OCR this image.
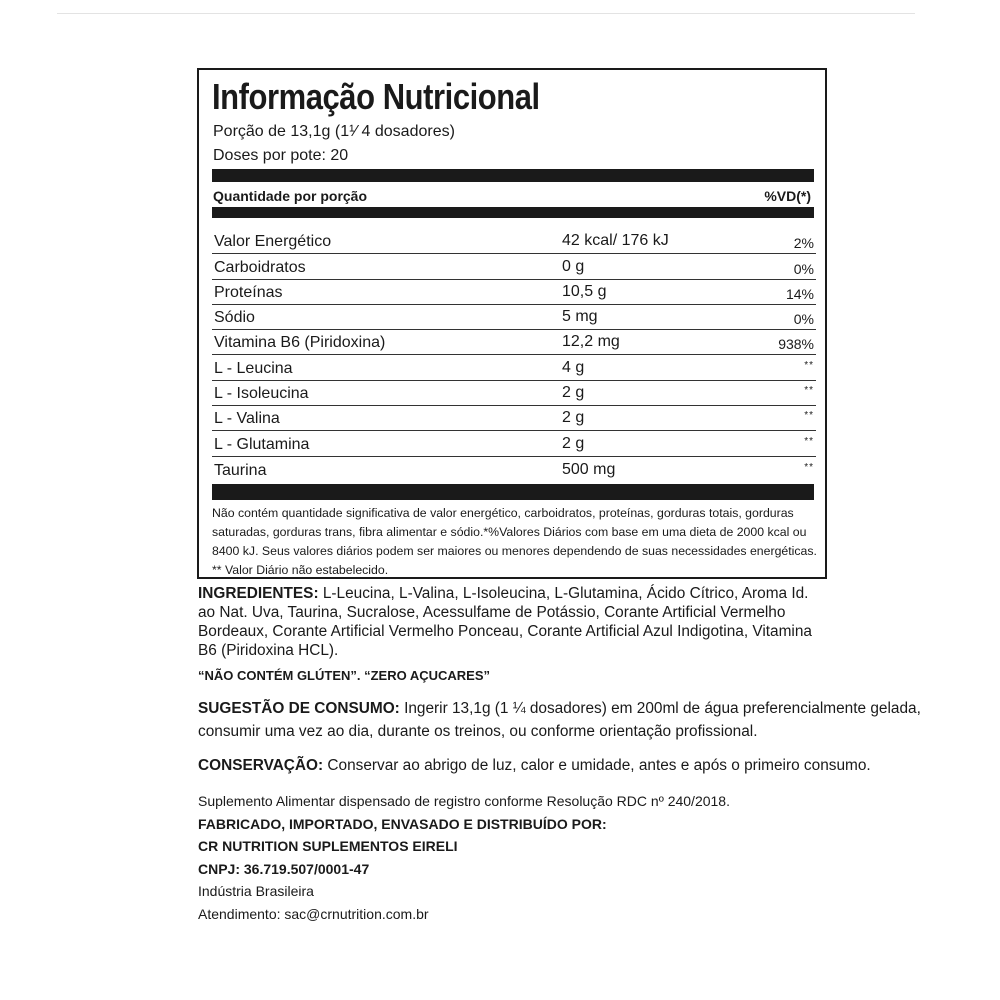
Informação Nutricional
Porção de 13,1g (1¹⁄ 4 dosadores)
Doses por pote: 20
Quantidade por porção	%VD(*)
Valor Energético	42 kcal/ 176 kJ	2%
Carboidratos	0 g	0%
Proteínas	10,5 g	14%
Sódio	5 mg	0%
Vitamina B6 (Piridoxina)	12,2 mg	938%
L - Leucina	4 g	**
L - Isoleucina	2 g	**
L - Valina	2 g	**
L - Glutamina	2 g	**
Taurina	500 mg	**
Não contém quantidade significativa de valor energético, carboidratos, proteínas, gorduras totais, gorduras
saturadas, gorduras trans, fibra alimentar e sódio.*%Valores Diários com base em uma dieta de 2000 kcal ou
8400 kJ. Seus valores diários podem ser maiores ou menores dependendo de suas necessidades energéticas.
** Valor Diário não estabelecido.
INGREDIENTES: L-Leucina, L-Valina, L-Isoleucina, L-Glutamina, Ácido Cítrico, Aroma Id.
ao Nat. Uva, Taurina, Sucralose, Acessulfame de Potássio, Corante Artificial Vermelho
Bordeaux, Corante Artificial Vermelho Ponceau, Corante Artificial Azul Indigotina, Vitamina
B6 (Piridoxina HCL).
“NÃO CONTÉM GLÚTEN”. “ZERO AÇUCARES”
SUGESTÃO DE CONSUMO: Ingerir 13,1g (1 ¼ dosadores) em 200ml de água preferencialmente gelada,
consumir uma vez ao dia, durante os treinos, ou conforme orientação profissional.
CONSERVAÇÃO: Conservar ao abrigo de luz, calor e umidade, antes e após o primeiro consumo.
Suplemento Alimentar dispensado de registro conforme Resolução RDC nº 240/2018.
FABRICADO, IMPORTADO, ENVASADO E DISTRIBUÍDO POR:
CR NUTRITION SUPLEMENTOS EIRELI
CNPJ: 36.719.507/0001-47
Indústria Brasileira
Atendimento: sac@crnutrition.com.br
